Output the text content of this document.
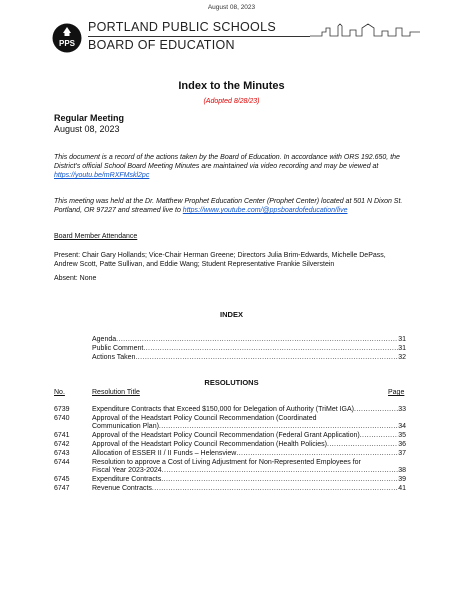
August 08, 2023
PPS
PORTLAND PUBLIC SCHOOLS
BOARD OF EDUCATION
Index to the Minutes
(Adopted 8/28/23)
Regular Meeting
August 08, 2023
This document is a record of the actions taken by the Board of Education. In accordance with ORS 192.650, the District’s official School Board Meeting Minutes are maintained via video recording and may be viewed at https://youtu.be/mRXFMskl2pc
This meeting was held at the Dr. Matthew Prophet Education Center (Prophet Center) located at 501 N Dixon St. Portland, OR 97227 and streamed live to https://www.youtube.com/@ppsboardofeducation/live
Board Member Attendance
Present: Chair Gary Hollands; Vice-Chair Herman Greene; Directors Julia Brim-Edwards, Michelle DePass, Andrew Scott, Patte Sullivan, and Eddie Wang; Student Representative Frankie Silverstein
Absent: None
INDEX
Agenda .....	31
Public Comment .....	31
Actions Taken .....	32
RESOLUTIONS
No.	Resolution Title	Page
6739	Expenditure Contracts that Exceed $150,000 for Delegation of Authority (TriMet IGA) .....	33
6740	Approval of the Headstart Policy Council Recommendation (Coordinated
Communication Plan) .....	34
6741	Approval of the Headstart Policy Council Recommendation (Federal Grant Application) .....	35
6742	Approval of the Headstart Policy Council Recommendation (Health Policies) .....	36
6743	Allocation of ESSER II / II Funds – Helensview .....	37
6744	Resolution to approve a Cost of Living Adjustment for Non-Represented Employees for
Fiscal Year 2023-2024 .....	38
6745	Expenditure Contracts .....	39
6747	Revenue Contracts .....	41
